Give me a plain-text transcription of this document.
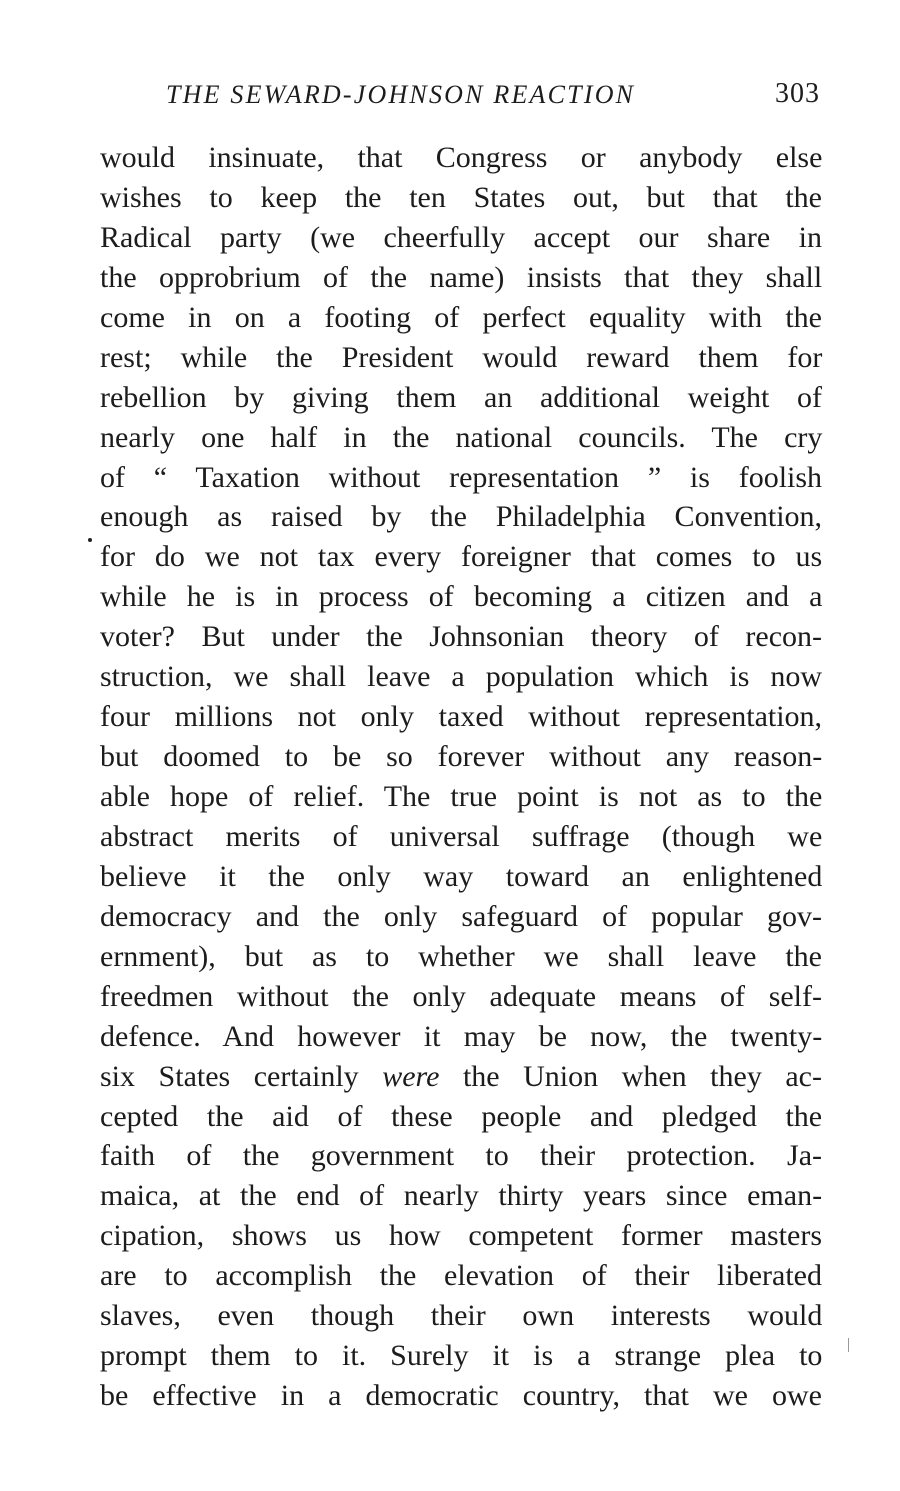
THE SEWARD-JOHNSON REACTION	303
would insinuate, that Congress or anybody else
wishes to keep the ten States out, but that the
Radical party (we cheerfully accept our share in
the opprobrium of the name) insists that they shall
come in on a footing of perfect equality with the
rest; while the President would reward them for
rebellion by giving them an additional weight of
nearly one half in the national councils. The cry
of “ Taxation without representation ” is foolish
enough as raised by the Philadelphia Convention,
for do we not tax every foreigner that comes to us
while he is in process of becoming a citizen and a
voter? But under the Johnsonian theory of recon-
struction, we shall leave a population which is now
four millions not only taxed without representation,
but doomed to be so forever without any reason-
able hope of relief. The true point is not as to the
abstract merits of universal suffrage (though we
believe it the only way toward an enlightened
democracy and the only safeguard of popular gov-
ernment), but as to whether we shall leave the
freedmen without the only adequate means of self-
defence. And however it may be now, the twenty-
six States certainly were the Union when they ac-
cepted the aid of these people and pledged the
faith of the government to their protection. Ja-
maica, at the end of nearly thirty years since eman-
cipation, shows us how competent former masters
are to accomplish the elevation of their liberated
slaves, even though their own interests would
prompt them to it. Surely it is a strange plea to
be effective in a democratic country, that we owe
